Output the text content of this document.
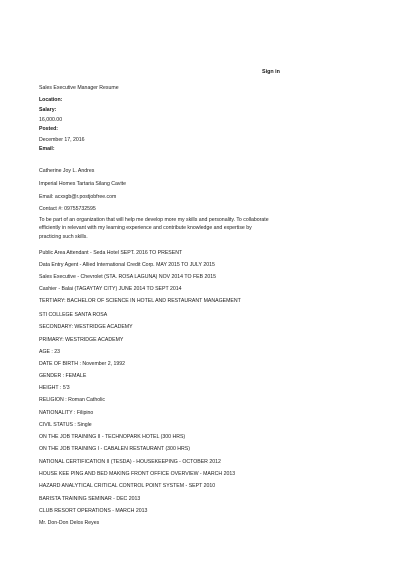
Sign in
Sales Executive Manager Resume
Location:
Salary:
16,000.00
Posted:
December 17, 2016
Email:
Catherine Joy L. Andres
Imperial Homes Tartaria Silang Cavite
Email: acxxgb@r.postjobfree.com
Contact #: 09755732595
To be part of an organization that will help me develop more my skills and personality. To collaborate
efficiently in relevant with my learning experience and contribute knowledge and expertise by
practicing such skills.
Public Area Attendant - Seda Hotel SEPT. 2016 TO PRESENT
Data Entry Agent - Allied International Credit Corp. MAY 2015 TO JULY 2015
Sales Executive - Chevrolet (STA. ROSA LAGUNA) NOV 2014 TO FEB 2015
Cashier - Balai (TAGAYTAY CITY) JUNE 2014 TO SEPT 2014
TERTIARY: BACHELOR OF SCIENCE IN HOTEL AND RESTAURANT MANAGEMENT
STI COLLEGE SANTA ROSA
SECONDARY: WESTRIDGE ACADEMY
PRIMARY: WESTRIDGE ACADEMY
AGE : 23
DATE OF BIRTH : November 2, 1992
GENDER : FEMALE
HEIGHT : 5'3
RELIGION : Roman Catholic
NATIONALITY : Filipino
CIVIL STATUS : Single
ON THE JOB TRAINING II - TECHNOPARK HOTEL (300 HRS)
ON THE JOB TRAINING I - CABALEN RESTAURANT (300 HRS)
NATIONAL CERTIFICATION II (TESDA) - HOUSEKEEPING - OCTOBER 2012
HOUSE KEE PING AND BED MAKING FRONT OFFICE OVERVIEW - MARCH 2013
HAZARD ANALYTICAL CRITICAL CONTROL POINT SYSTEM - SEPT 2010
BARISTA TRAINING SEMINAR - DEC 2013
CLUB RESORT OPERATIONS - MARCH 2013
Mr. Don-Don Delos Reyes
